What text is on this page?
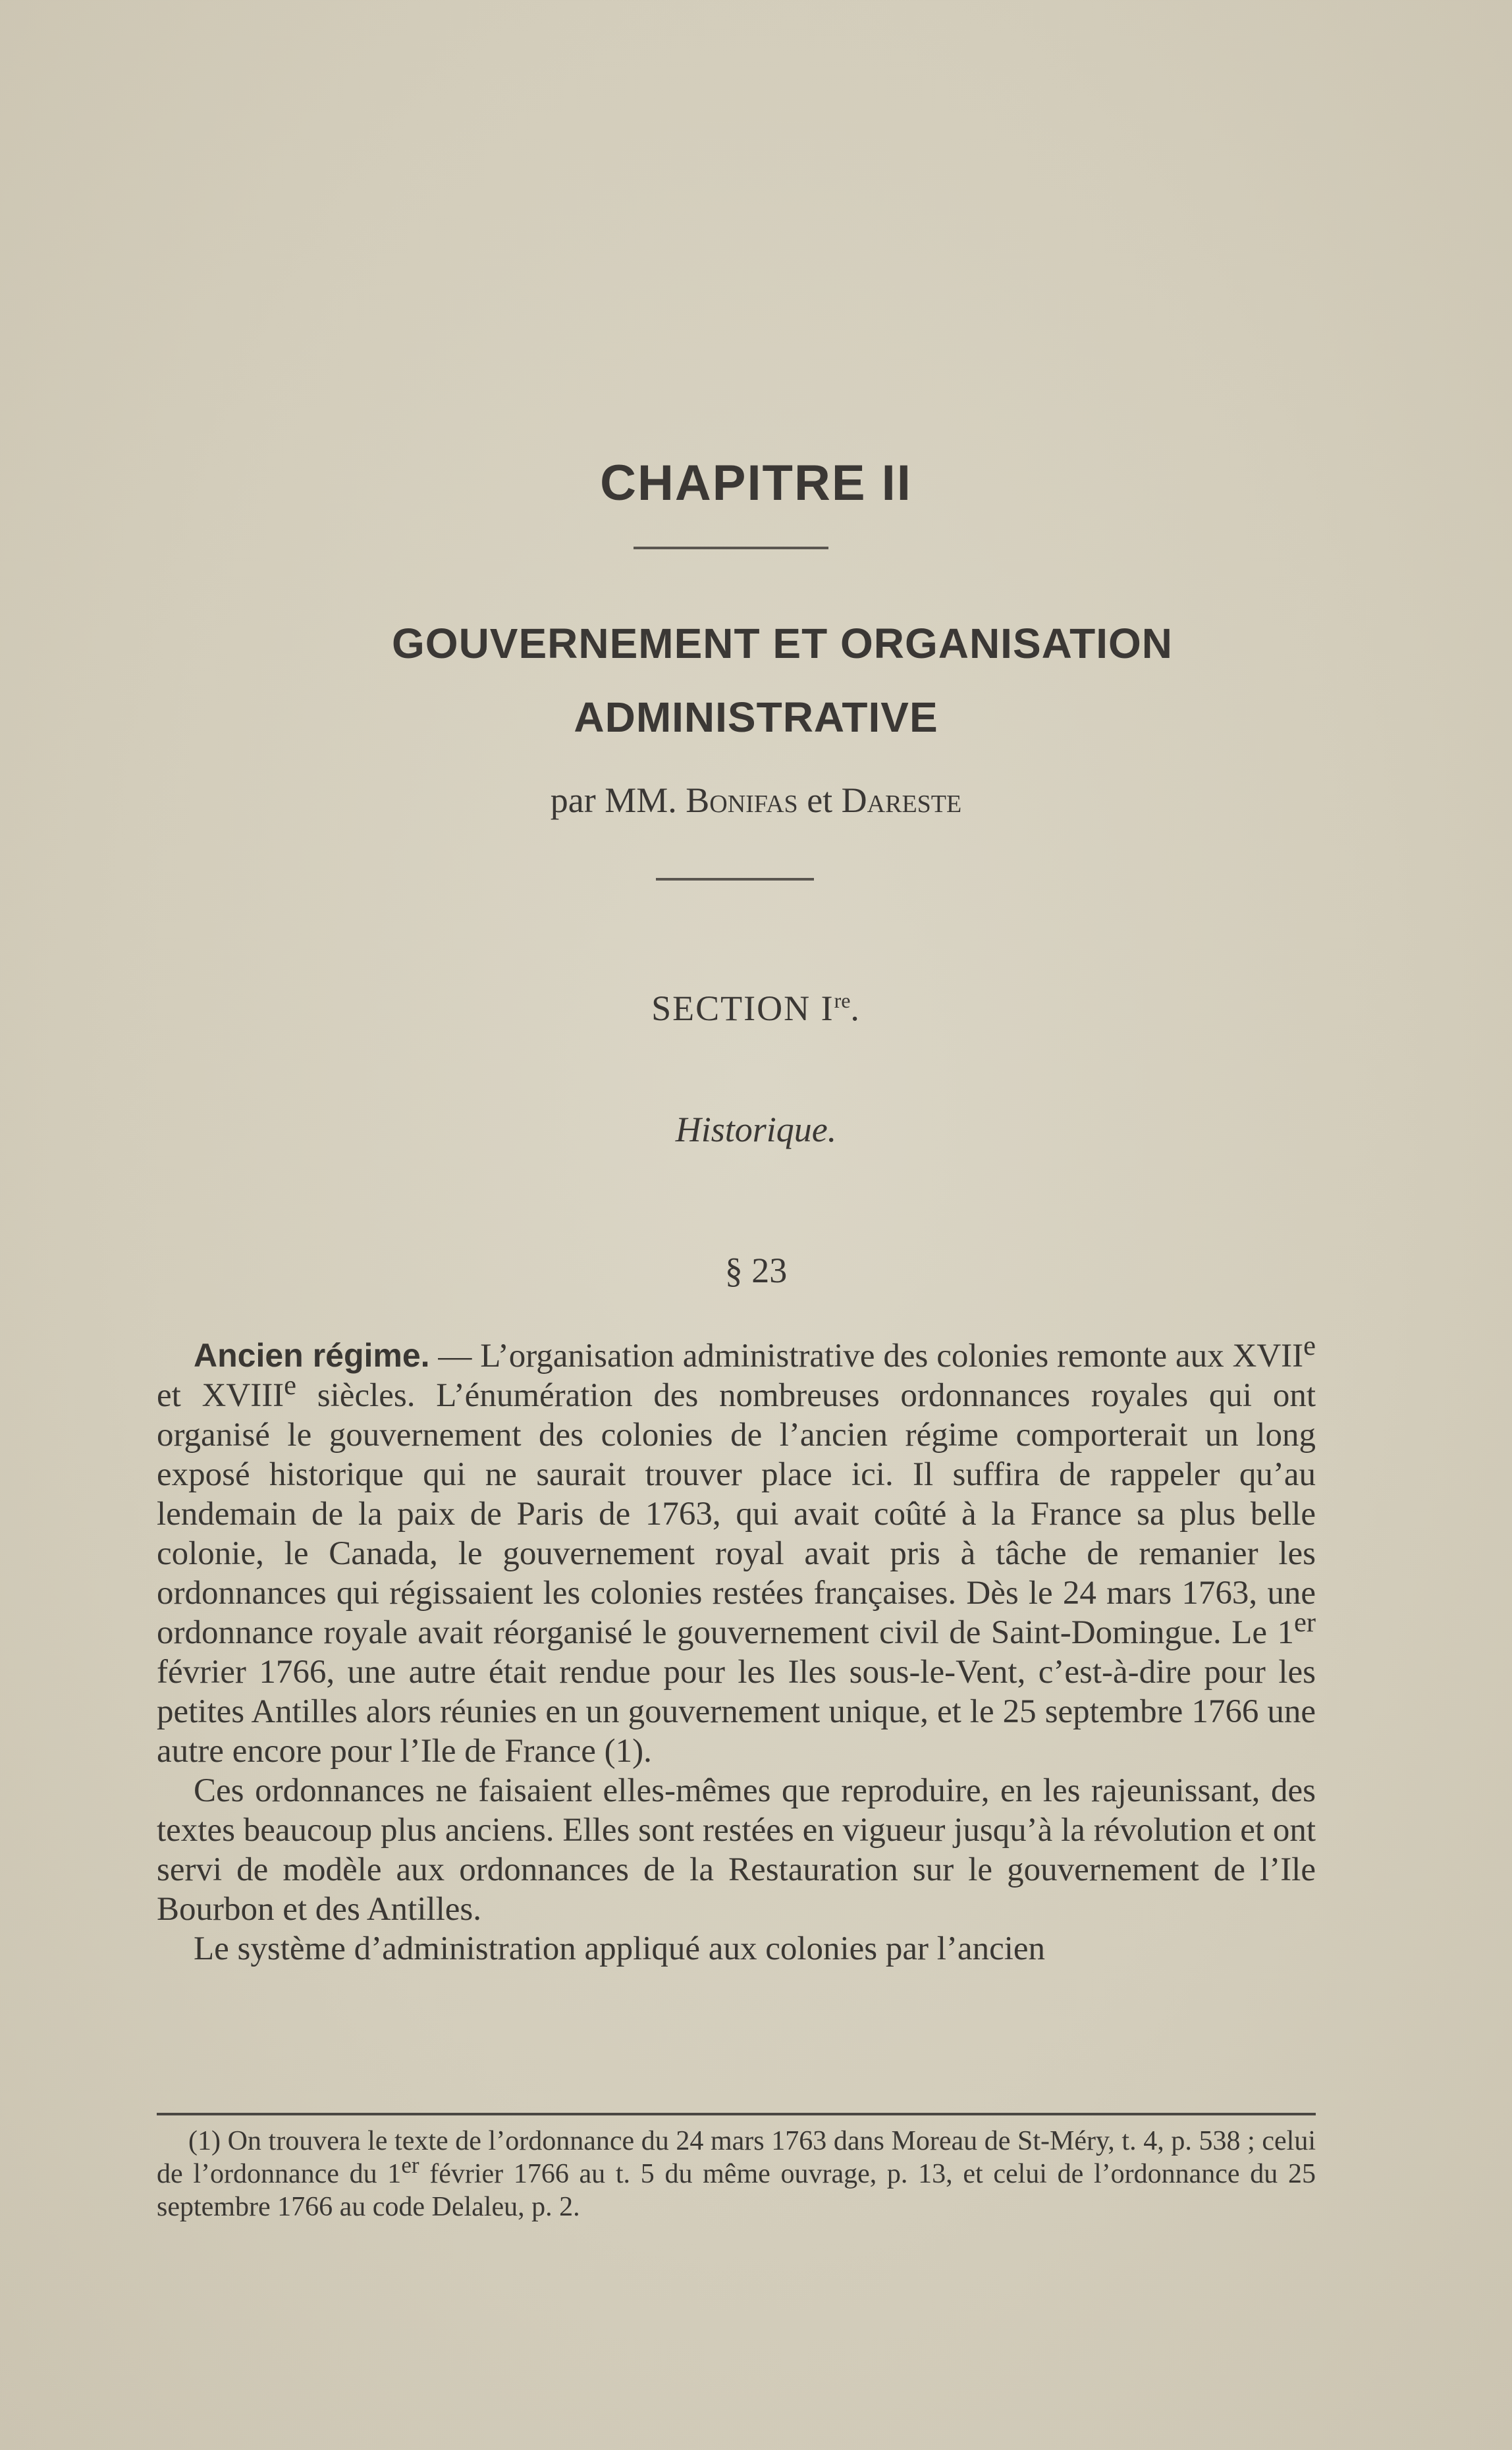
CHAPITRE II
GOUVERNEMENT ET ORGANISATION
ADMINISTRATIVE
par MM. Bonifas et Dareste
SECTION Ire.
Historique.
§ 23

Ancien régime. — L’organisation administrative des colonies remonte aux XVIIe et XVIIIe siècles. L’énumération des nombreuses ordonnances royales qui ont organisé le gouvernement des colonies de l’ancien régime comporterait un long exposé historique qui ne saurait trouver place ici. Il suffira de rappeler qu’au lendemain de la paix de Paris de 1763, qui avait coûté à la France sa plus belle colonie, le Canada, le gouvernement royal avait pris à tâche de remanier les ordonnances qui régissaient les colonies restées françaises. Dès le 24 mars 1763, une ordonnance royale avait réorganisé le gouvernement civil de Saint-Domingue. Le 1er février 1766, une autre était rendue pour les Iles sous-le-Vent, c’est-à-dire pour les petites Antilles alors réunies en un gouvernement unique, et le 25 septembre 1766 une autre encore pour l’Ile de France (1).

Ces ordonnances ne faisaient elles-mêmes que reproduire, en les rajeunissant, des textes beaucoup plus anciens. Elles sont restées en vigueur jusqu’à la révolution et ont servi de modèle aux ordonnances de la Restauration sur le gouvernement de l’Ile Bourbon et des Antilles.

Le système d’administration appliqué aux colonies par l’ancien

(1) On trouvera le texte de l’ordonnance du 24 mars 1763 dans Moreau de St-Méry, t. 4, p. 538 ; celui de l’ordonnance du 1er février 1766 au t. 5 du même ouvrage, p. 13, et celui de l’ordonnance du 25 septembre 1766 au code Delaleu, p. 2.
